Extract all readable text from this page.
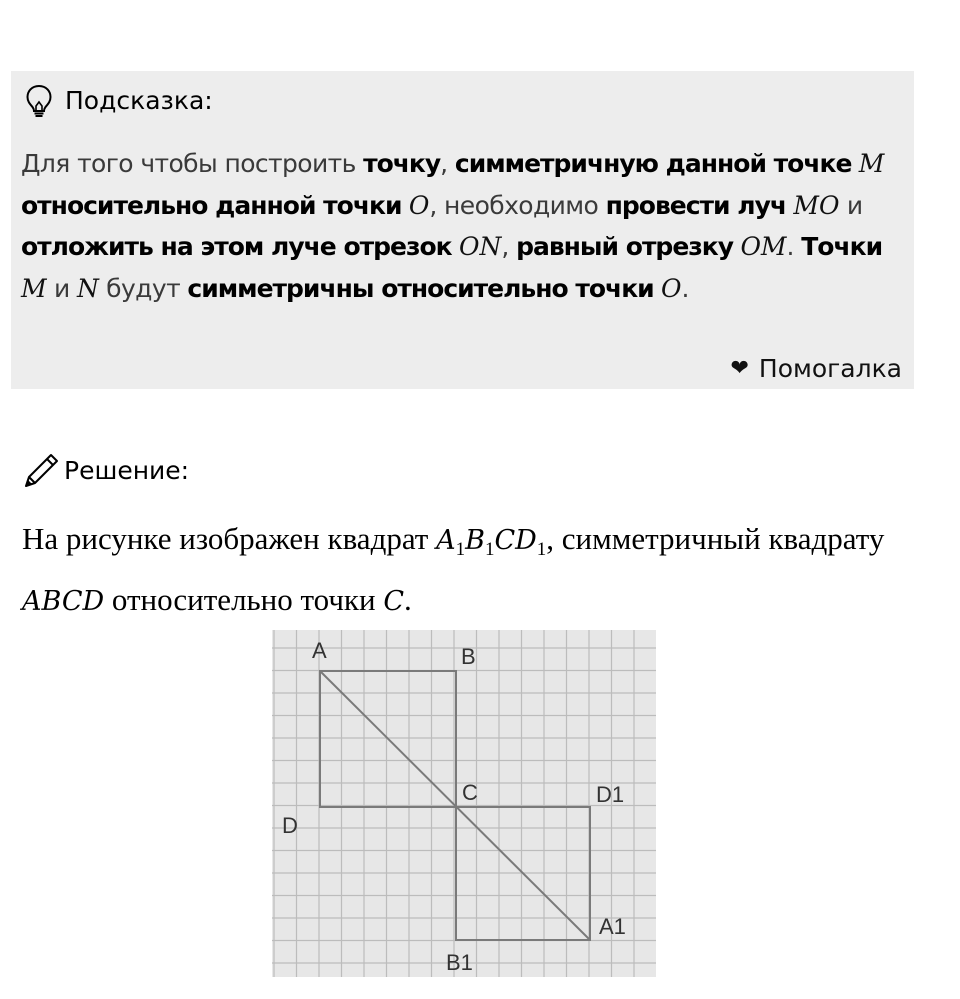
Подсказка:
Для того чтобы построить точку, симметричную данной точке M относительно данной точки O, необходимо провести луч MO и отложить на этом луче отрезок ON, равный отрезку OM. Точки M и N будут симметричны относительно точки O.
❤ Помогалка
Решение:
На рисунке изображен квадрат $A_1B_1CD_1$, симметричный квадрату ABCD относительно точки C.
A	B
C
D
D1
A1
B1
